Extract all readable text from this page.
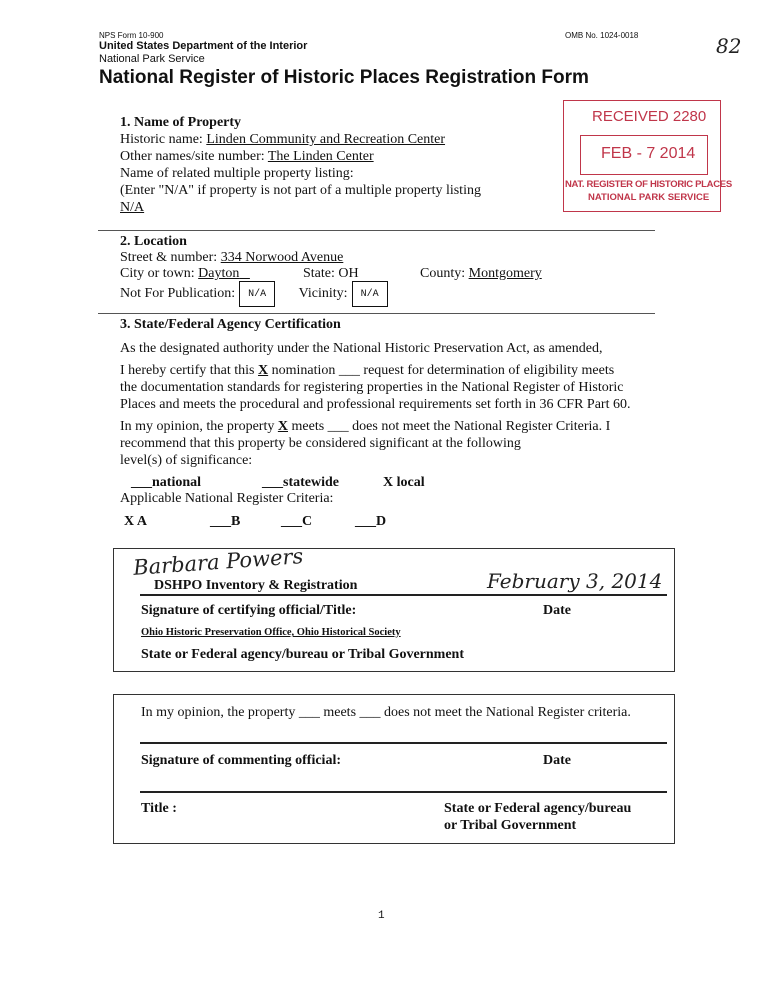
NPS Form 10-900	OMB No. 1024-0018	82
United States Department of the Interior
National Park Service
National Register of Historic Places Registration Form
RECEIVED 2280
FEB - 7 2014
NAT. REGISTER OF HISTORIC PLACES
NATIONAL PARK SERVICE
1. Name of Property
Historic name: Linden Community and Recreation Center
Other names/site number: The Linden Center
Name of related multiple property listing:
(Enter "N/A" if property is not part of a multiple property listing
N/A
2. Location
Street & number: 334 Norwood Avenue
City or town: Dayton	State: OH	County: Montgomery
Not For Publication: N/A Vicinity: N/A
3. State/Federal Agency Certification
As the designated authority under the National Historic Preservation Act, as amended,
I hereby certify that this X nomination ___ request for determination of eligibility meets
the documentation standards for registering properties in the National Register of Historic
Places and meets the procedural and professional requirements set forth in 36 CFR Part 60.
In my opinion, the property X meets ___ does not meet the National Register Criteria. I
recommend that this property be considered significant at the following
level(s) of significance:
___national	___statewide	X local
Applicable National Register Criteria:
X A	___B	___C	___D
Barbara Powers
DSHPO Inventory & Registration	February 3, 2014
Signature of certifying official/Title:	Date
Ohio Historic Preservation Office, Ohio Historical Society
State or Federal agency/bureau or Tribal Government
In my opinion, the property ___ meets ___ does not meet the National Register criteria.
Signature of commenting official:	Date
Title :	State or Federal agency/bureau
or Tribal Government
1
